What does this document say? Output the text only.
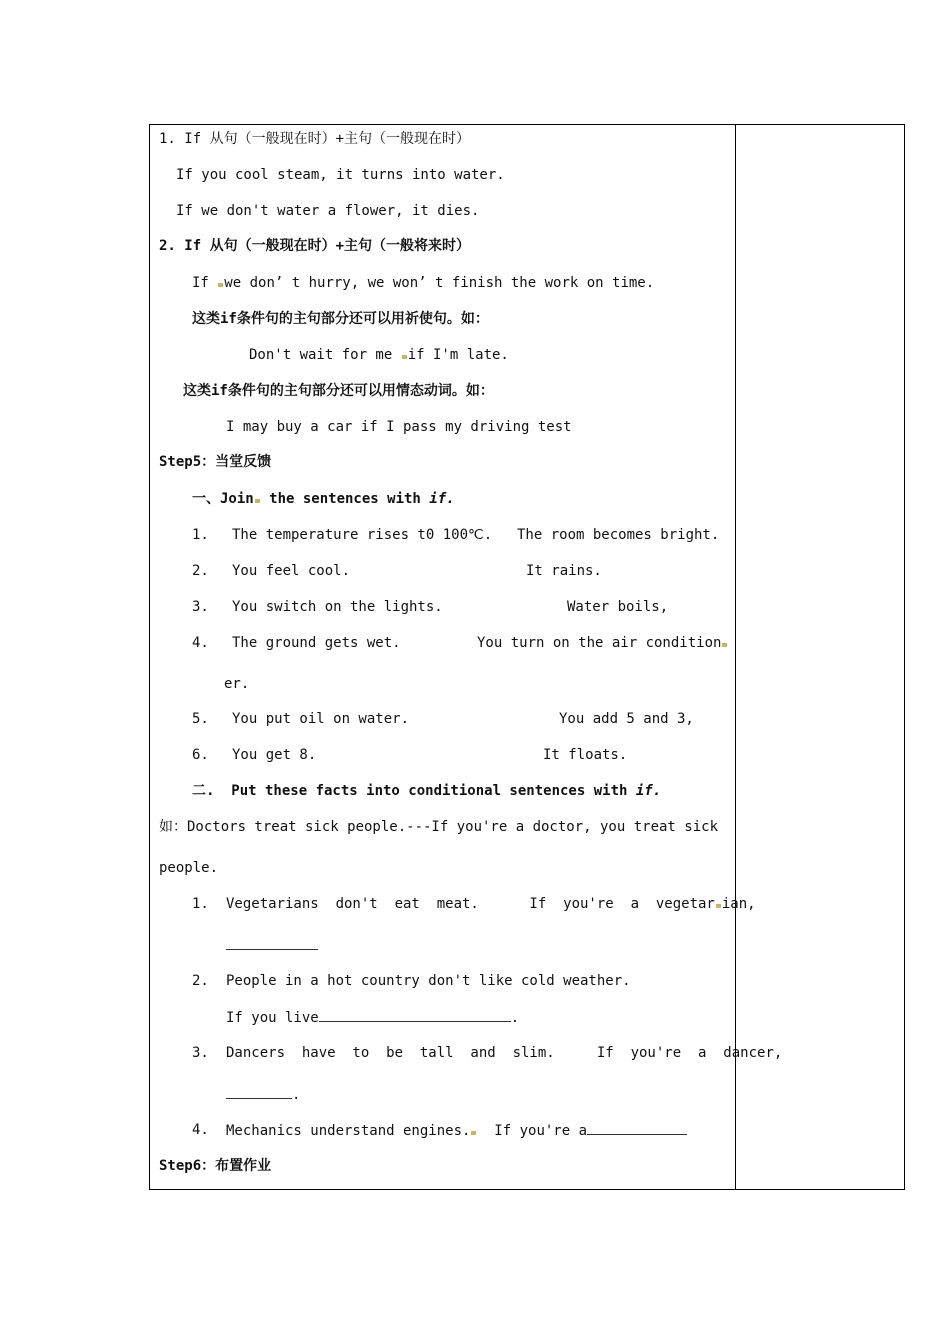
1. If 从句（一般现在时）+主句（一般现在时）
If you cool steam, it turns into water.
If we don't water a flower, it dies.
2. If 从句（一般现在时）+主句（一般将来时）
If we don’ t hurry, we won’ t finish the work on time.
这类if条件句的主句部分还可以用祈使句。如：
Don't wait for me if I'm late.
这类if条件句的主句部分还可以用情态动词。如：
I may buy a car if I pass my driving test
Step5：当堂反馈
一、Join the sentences with if.
1. The temperature rises t0 100℃. The room becomes bright.
2. You feel cool.	It rains.
3. You switch on the lights.	Water boils,
4. The ground gets wet.	You turn on the air condition
er.
5. You put oil on water.	You add 5 and 3,
6. You get 8.	It floats.
二.  Put these facts into conditional sentences with if.
如：Doctors treat sick people.---If you're a doctor, you treat sick
people.
1. Vegetarians  don't  eat  meat.      If  you're  a  vegetar ian,
2. People in a hot country don't like cold weather.
If you live	.
3. Dancers  have  to  be  tall  and  slim.     If  you're  a  dancer,
.
4. Mechanics understand engines.  If you're a
Step6：布置作业
